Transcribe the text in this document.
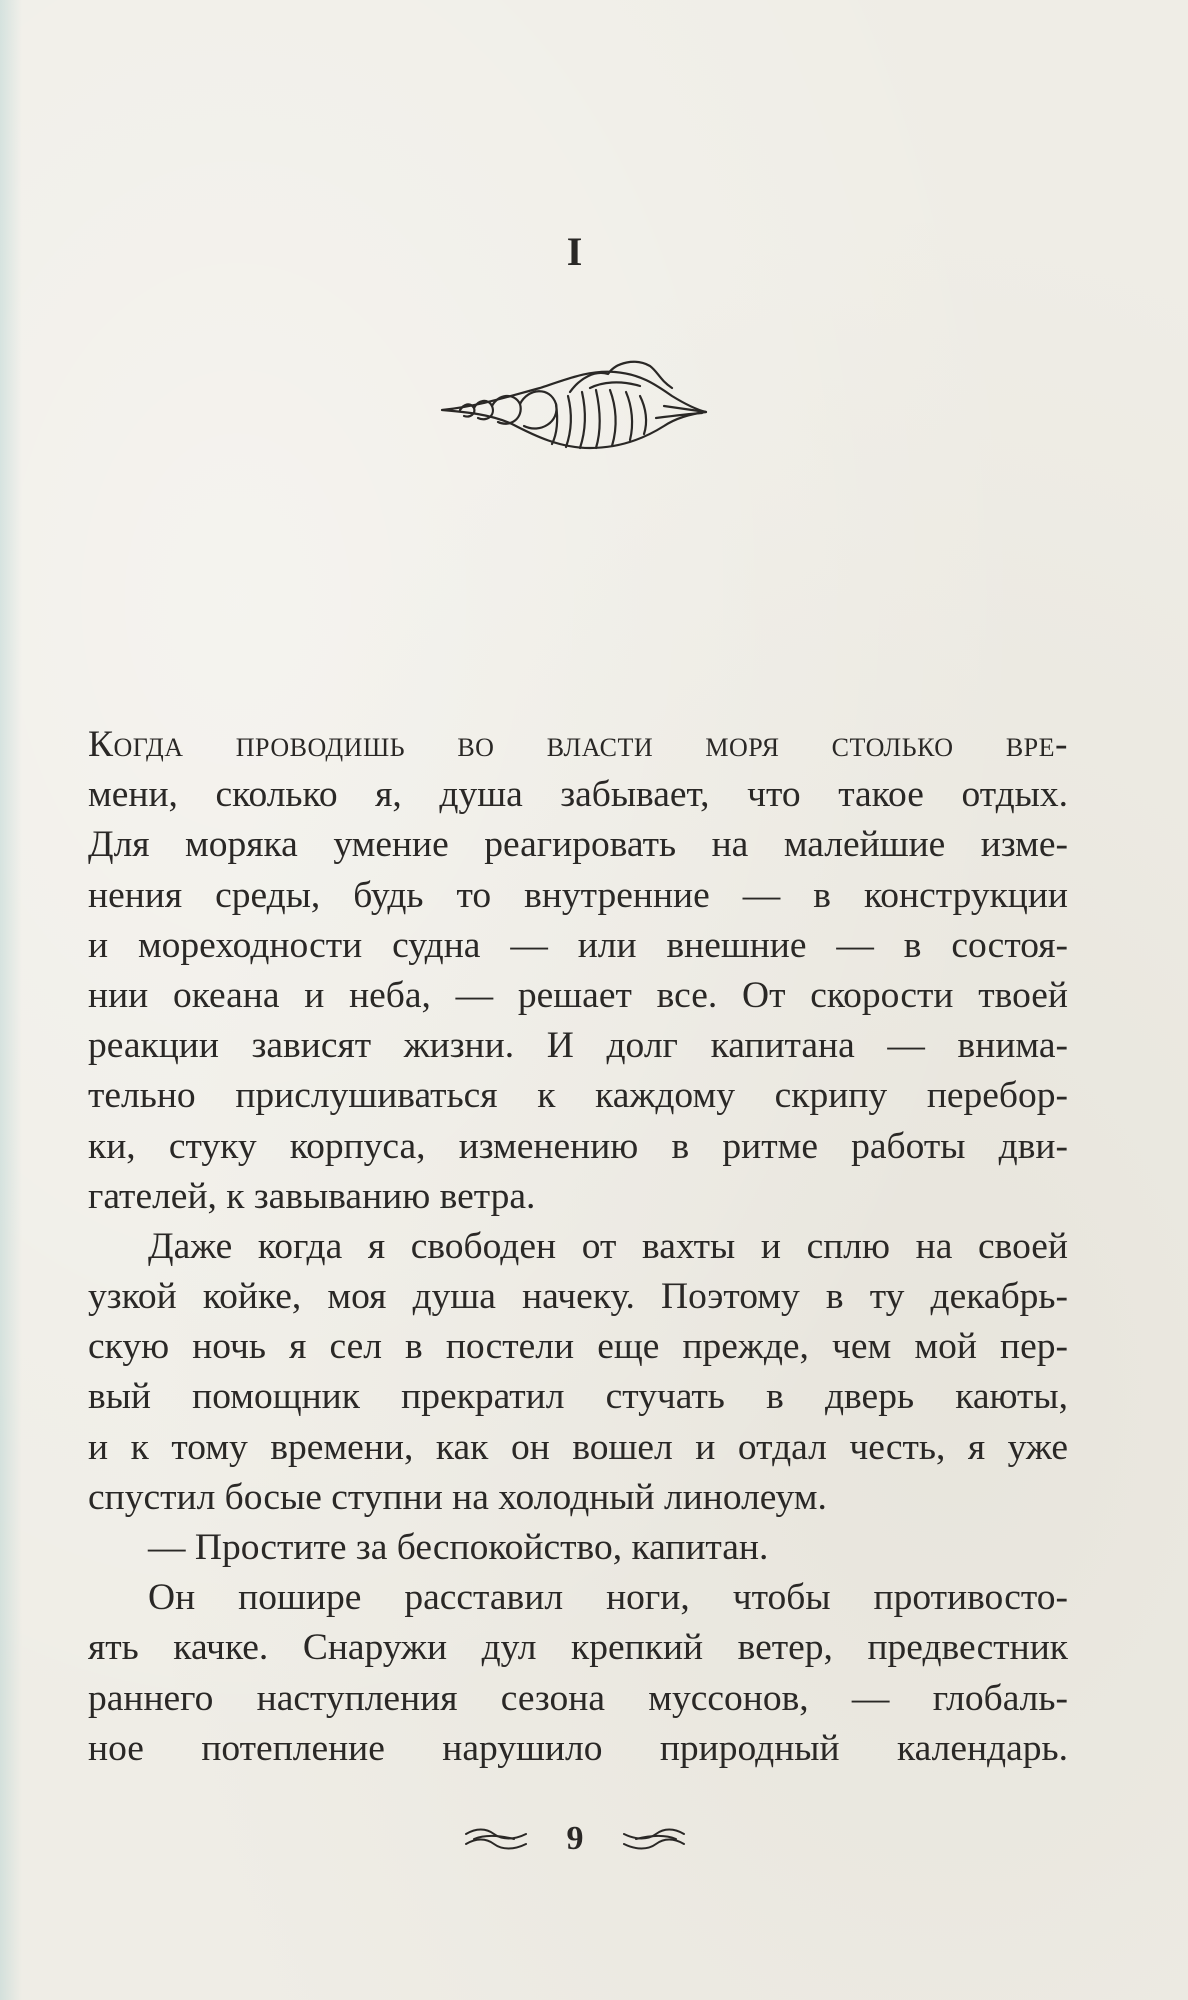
I
Когда проводишь во власти моря столько вре-
мени, сколько я, душа забывает, что такое отдых.
Для моряка умение реагировать на малейшие изме-
нения среды, будь то внутренние — в конструкции
и мореходности судна — или внешние — в состоя-
нии океана и неба, — решает все. От скорости твоей
реакции зависят жизни. И долг капитана — внима-
тельно прислушиваться к каждому скрипу перебор-
ки, стуку корпуса, изменению в ритме работы дви-
гателей, к завыванию ветра.
Даже когда я свободен от вахты и сплю на своей
узкой койке, моя душа начеку. Поэтому в ту декабрь-
скую ночь я сел в постели еще прежде, чем мой пер-
вый помощник прекратил стучать в дверь каюты,
и к тому времени, как он вошел и отдал честь, я уже
спустил босые ступни на холодный линолеум.
— Простите за беспокойство, капитан.
Он пошире расставил ноги, чтобы противосто-
ять качке. Снаружи дул крепкий ветер, предвестник
раннего наступления сезона муссонов, — глобаль-
ное потепление нарушило природный календарь.
9
